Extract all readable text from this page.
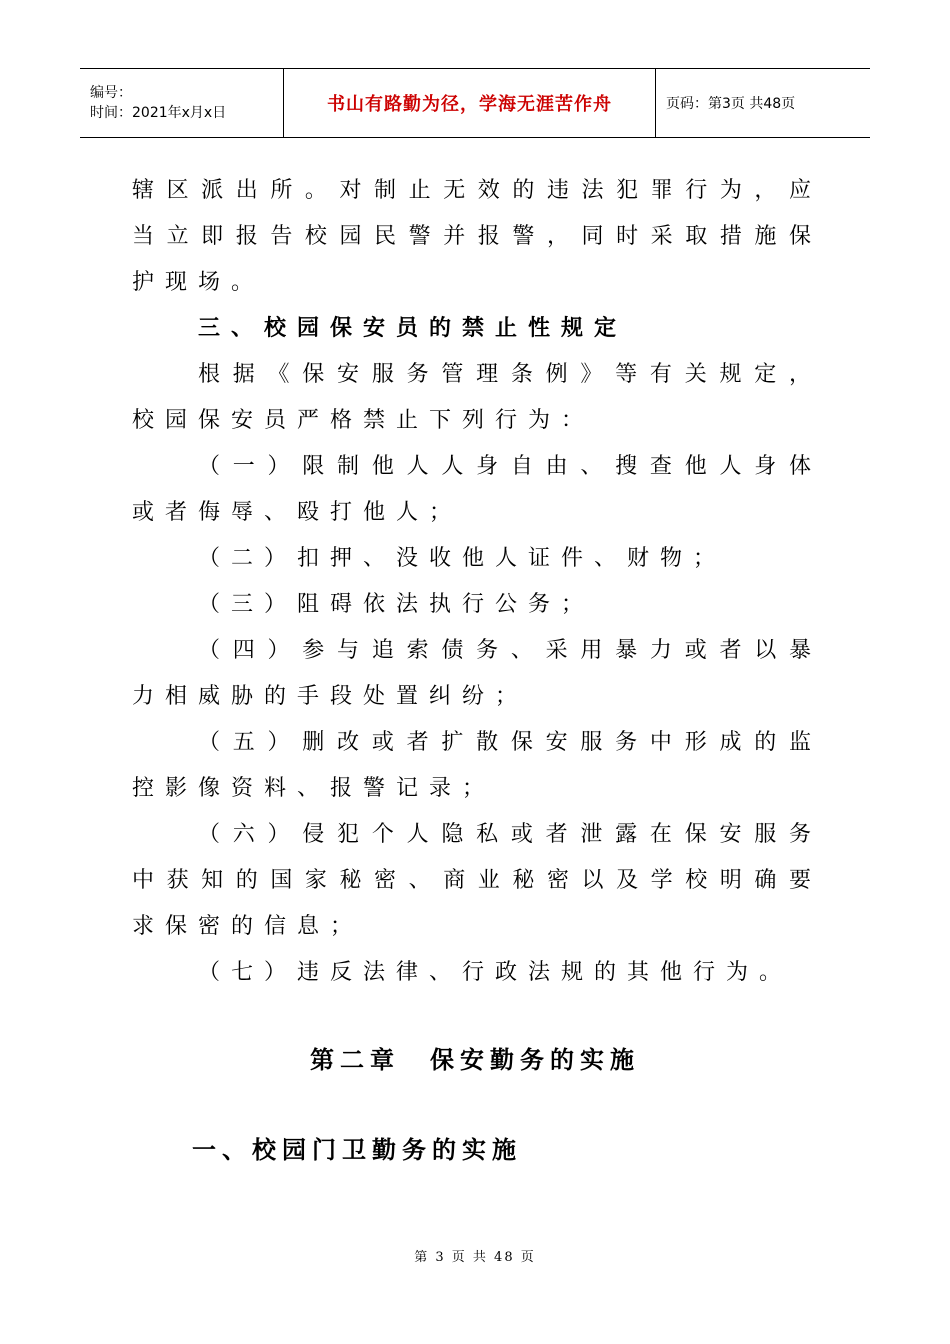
编号：
时间：2021年x月x日	书山有路勤为径，学海无涯苦作舟	页码：第3页 共48页

辖区派出所。对制止无效的违法犯罪行为，应当立即报告校园民警并报警，同时采取措施保护现场。

三、校园保安员的禁止性规定

根据《保安服务管理条例》等有关规定，校园保安员严格禁止下列行为：

（一）限制他人人身自由、搜查他人身体或者侮辱、殴打他人；

（二）扣押、没收他人证件、财物；

（三）阻碍依法执行公务；

（四）参与追索债务、采用暴力或者以暴力相威胁的手段处置纠纷；

（五）删改或者扩散保安服务中形成的监控影像资料、报警记录；

（六）侵犯个人隐私或者泄露在保安服务中获知的国家秘密、商业秘密以及学校明确要求保密的信息；

（七）违反法律、行政法规的其他行为。

第二章　保安勤务的实施
一、校园门卫勤务的实施
第 3 页 共 48 页
